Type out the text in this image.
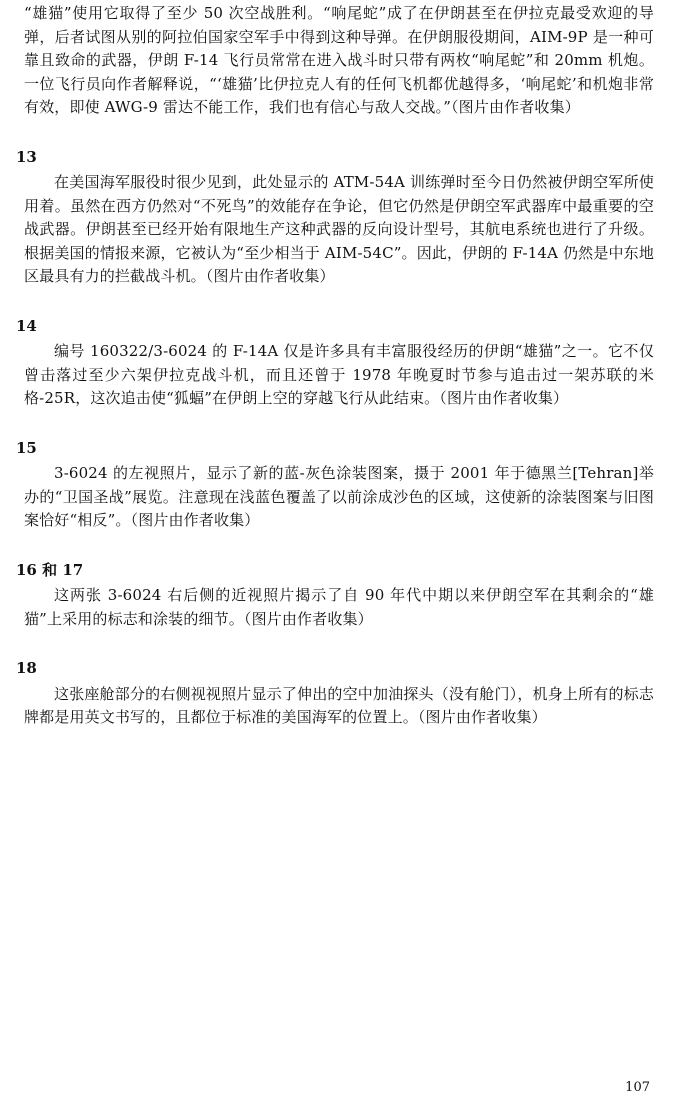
“雄猫”使用它取得了至少 50 次空战胜利。“响尾蛇”成了在伊朗甚至在伊拉克最受欢迎的导弹，后者试图从别的阿拉伯国家空军手中得到这种导弹。在伊朗服役期间，AIM-9P 是一种可靠且致命的武器，伊朗 F-14 飞行员常常在进入战斗时只带有两枚“响尾蛇”和 20mm 机炮。一位飞行员向作者解释说，“‘雄猫’比伊拉克人有的任何飞机都优越得多，‘响尾蛇’和机炮非常有效，即使 AWG-9 雷达不能工作，我们也有信心与敌人交战。”（图片由作者收集）

13

在美国海军服役时很少见到，此处显示的 ATM-54A 训练弹时至今日仍然被伊朗空军所使用着。虽然在西方仍然对“不死鸟”的效能存在争论，但它仍然是伊朗空军武器库中最重要的空战武器。伊朗甚至已经开始有限地生产这种武器的反向设计型号，其航电系统也进行了升级。根据美国的情报来源，它被认为“至少相当于 AIM-54C”。因此，伊朗的 F-14A 仍然是中东地区最具有力的拦截战斗机。（图片由作者收集）

14

编号 160322/3-6024 的 F-14A 仅是许多具有丰富服役经历的伊朗“雄猫”之一。它不仅曾击落过至少六架伊拉克战斗机，而且还曾于 1978 年晚夏时节参与追击过一架苏联的米格-25R，这次追击使“狐蝠”在伊朗上空的穿越飞行从此结束。（图片由作者收集）

15

3-6024 的左视照片，显示了新的蓝-灰色涂装图案，摄于 2001 年于德黑兰[Tehran]举办的“卫国圣战”展览。注意现在浅蓝色覆盖了以前涂成沙色的区域，这使新的涂装图案与旧图案恰好“相反”。（图片由作者收集）

16 和 17

这两张 3-6024 右后侧的近视照片揭示了自 90 年代中期以来伊朗空军在其剩余的“雄猫”上采用的标志和涂装的细节。（图片由作者收集）

18

这张座舱部分的右侧视视照片显示了伸出的空中加油探头（没有舱门），机身上所有的标志牌都是用英文书写的，且都位于标准的美国海军的位置上。（图片由作者收集）

107
